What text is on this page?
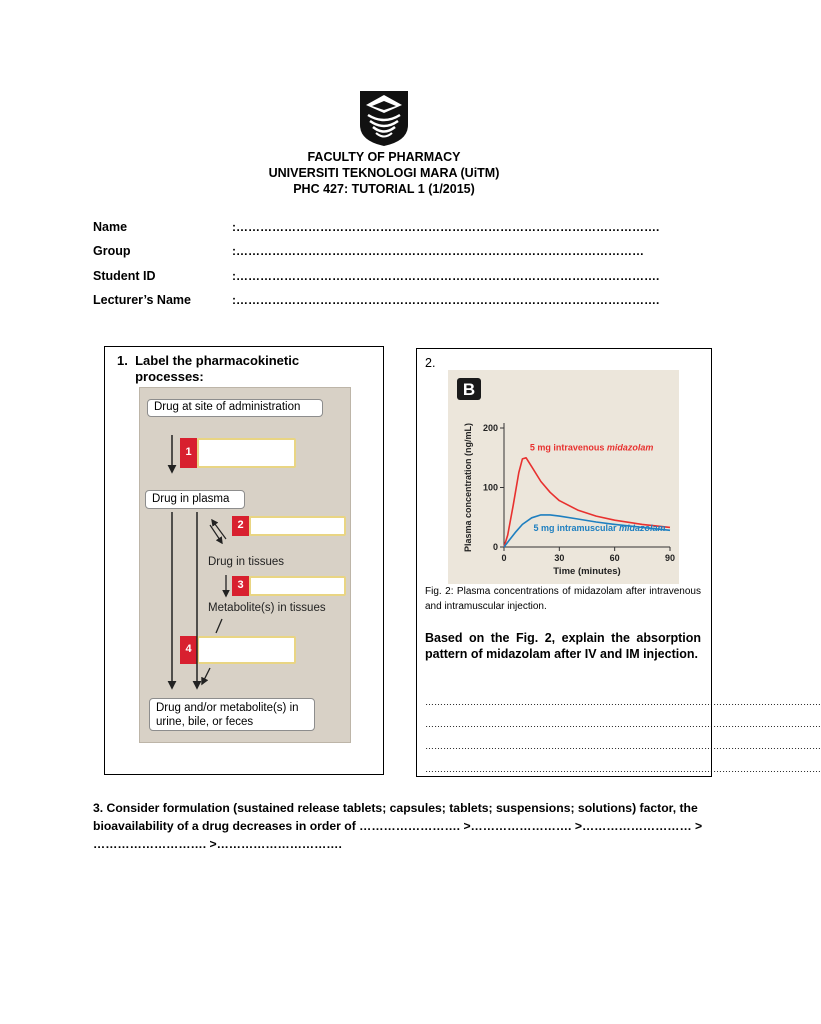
FACULTY OF PHARMACY
UNIVERSITI TEKNOLOGI MARA (UiTM)
PHC 427: TUTORIAL 1 (1/2015)
Name	:…………………………………………………………………………………………….
Group	:…………………………………………………………………………………………
Student ID	:…………………………………………………………………………………………….
Lecturer’s Name	:…………………………………………………………………………………………….
1. Label the pharmacokinetic processes:
Drug at site of administration
1
Drug in plasma
2
Drug in tissues
3
Metabolite(s) in tissues
4
Drug and/or metabolite(s) in urine, bile, or feces
2.
B
0
100
200
0	30	60	90
Plasma concentration (ng/mL)
Time (minutes)
5 mg intravenous midazolam
5 mg intramuscular midazolam
Fig. 2: Plasma concentrations of midazolam after intravenous and intramuscular injection.
Based on the Fig. 2, explain the absorption pattern of midazolam after IV and IM injection.
……………………………………………………………………………………………………………………
……………………………………………………………………………………………………………………
……………………………………………………………………………………………………………………
……………………………………………………………………………………………………………………
3. Consider formulation (sustained release tablets; capsules; tablets; suspensions; solutions) factor, the bioavailability of a drug decreases in order of ……………………. >……………………. >……………………… > ………………………. >………………………….
